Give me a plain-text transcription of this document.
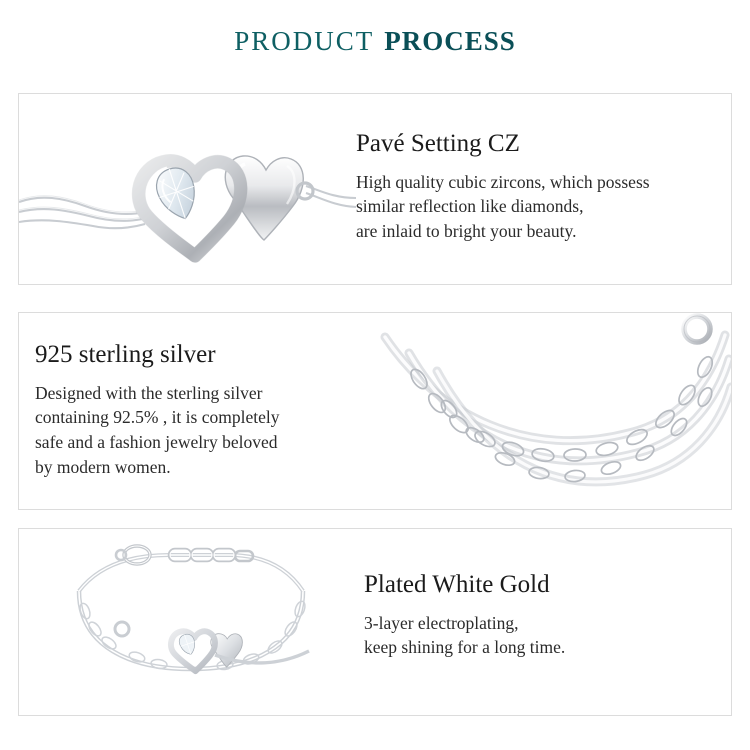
PRODUCT PROCESS
Pavé Setting CZ

High quality cubic zircons, which possess
similar reflection like diamonds,
are inlaid to bright your beauty.

925 sterling silver

Designed with the sterling silver
containing 92.5% , it is completely
safe and a fashion jewelry beloved
by modern women.

Plated White Gold

3-layer electroplating,
keep shining for a long time.
